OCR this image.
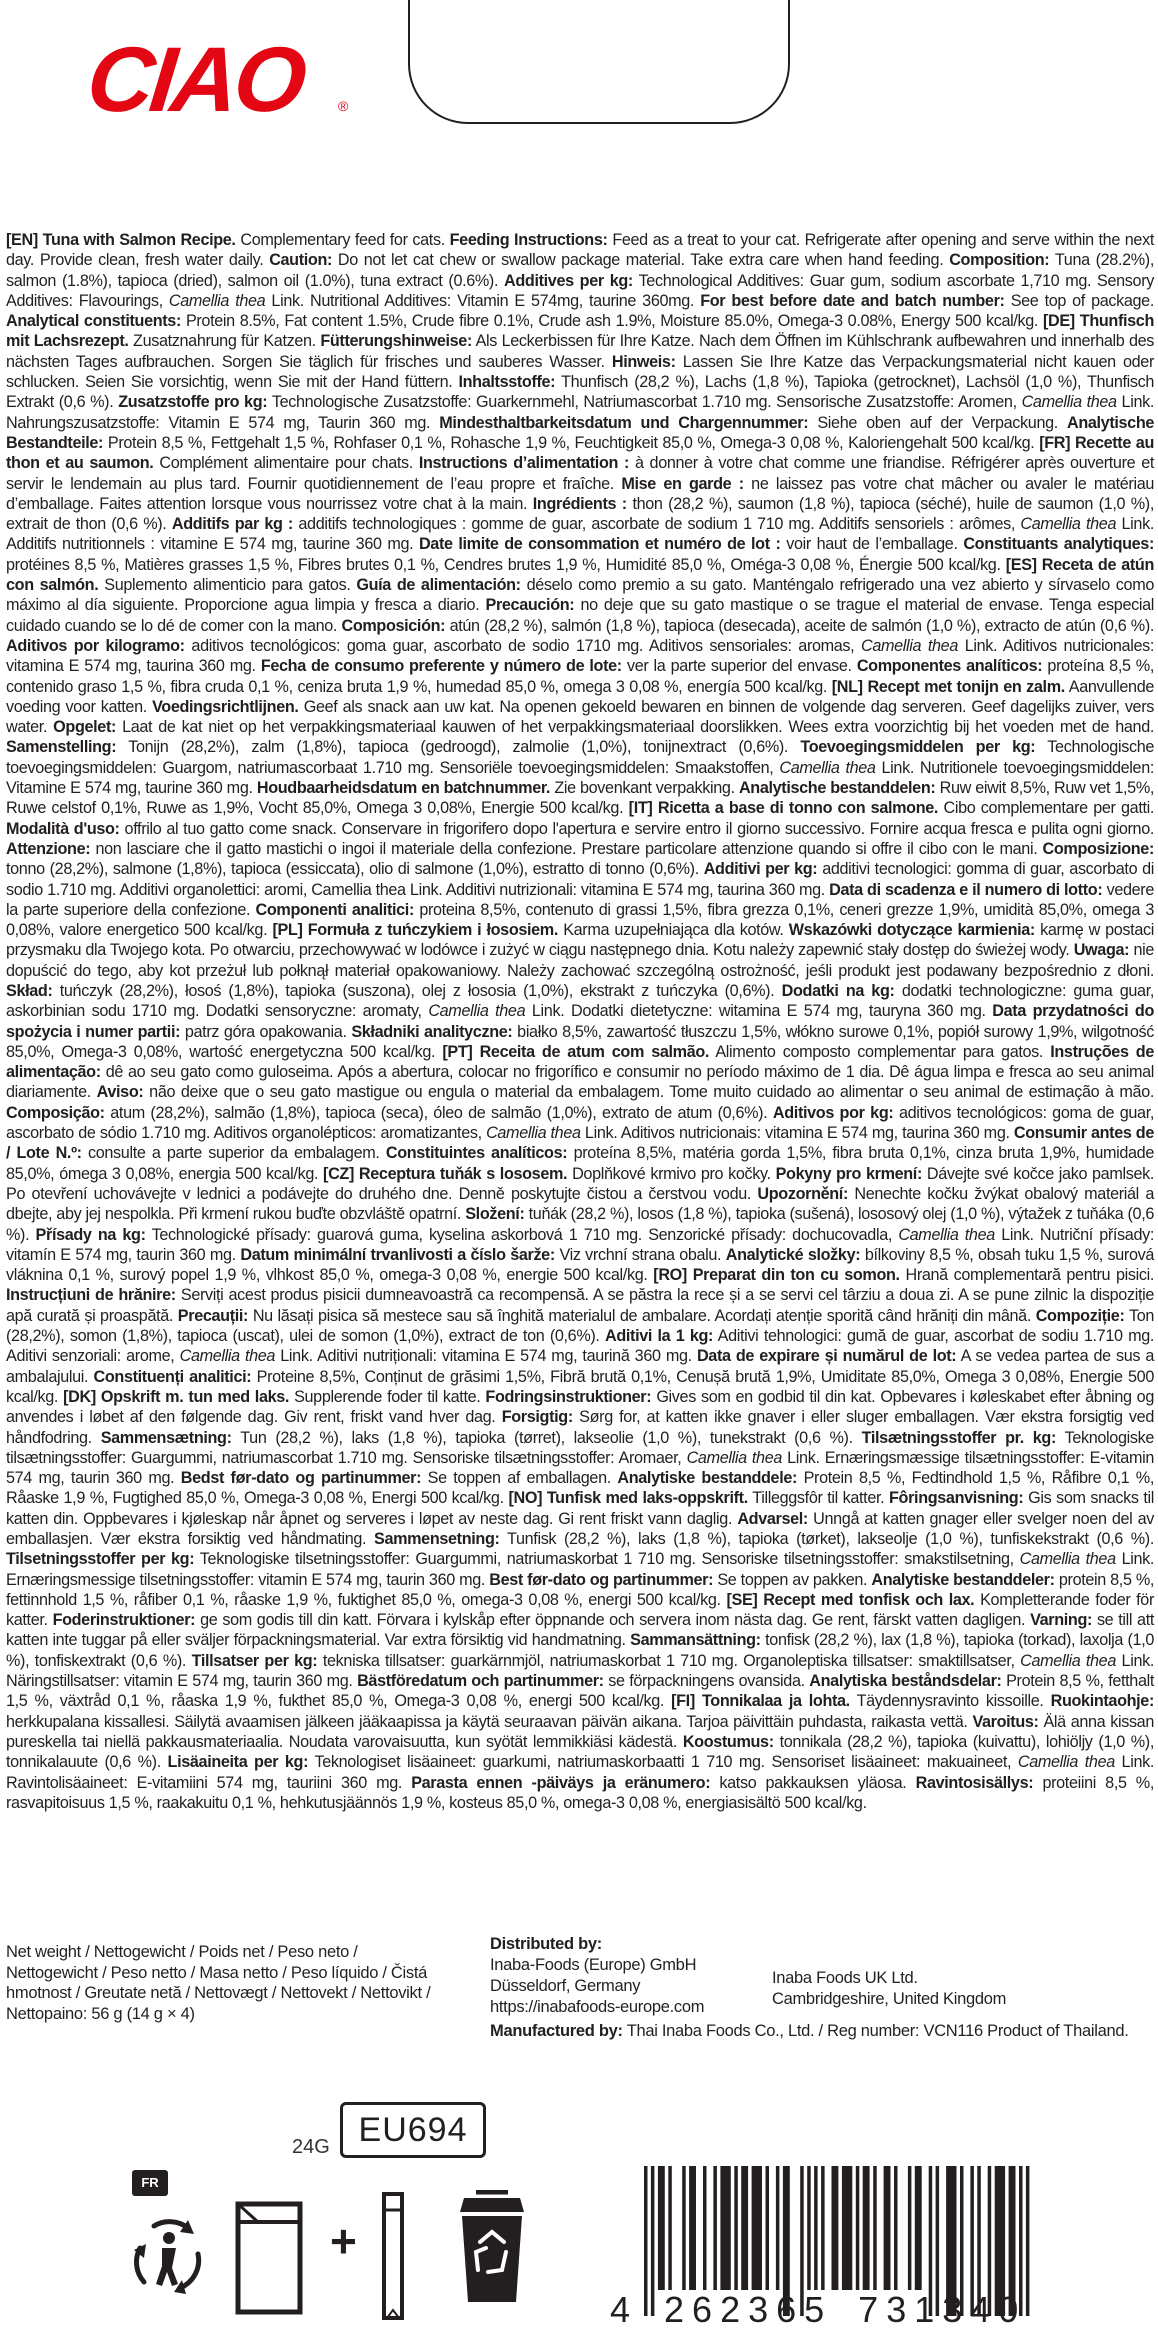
CIAO ®
[EN] Tuna with Salmon Recipe. Complementary feed for cats. Feeding Instructions: Feed as a treat to your cat. Refrigerate after opening and serve within the next day. Provide clean, fresh water daily. Caution: Do not let cat chew or swallow package material. Take extra care when hand feeding. Composition: Tuna (28.2%), salmon (1.8%), tapioca (dried), salmon oil (1.0%), tuna extract (0.6%). Additives per kg: Technological Additives: Guar gum, sodium ascorbate 1,710 mg. Sensory Additives: Flavourings, Camellia thea Link. Nutritional Additives: Vitamin E 574mg, taurine 360mg. For best before date and batch number: See top of package. Analytical constituents: Protein 8.5%, Fat content 1.5%, Crude fibre 0.1%, Crude ash 1.9%, Moisture 85.0%, Omega-3 0.08%, Energy 500 kcal/kg. [DE] Thunfisch mit Lachsrezept. Zusatznahrung für Katzen. Fütterungshinweise: Als Leckerbissen für Ihre Katze. Nach dem Öffnen im Kühlschrank aufbewahren und innerhalb des nächsten Tages aufbrauchen. Sorgen Sie täglich für frisches und sauberes Wasser. Hinweis: Lassen Sie Ihre Katze das Verpackungsmaterial nicht kauen oder schlucken. Seien Sie vorsichtig, wenn Sie mit der Hand füttern. Inhaltsstoffe: Thunfisch (28,2 %), Lachs (1,8 %), Tapioka (getrocknet), Lachsöl (1,0 %), Thunfisch Extrakt (0,6 %). Zusatzstoffe pro kg: Technologische Zusatzstoffe: Guarkernmehl, Natriumascorbat 1.710 mg. Sensorische Zusatzstoffe: Aromen, Camellia thea Link. Nahrungszusatzstoffe: Vitamin E 574 mg, Taurin 360 mg. Mindesthaltbarkeitsdatum und Chargennummer: Siehe oben auf der Verpackung. Analytische Bestandteile: Protein 8,5 %, Fettgehalt 1,5 %, Rohfaser 0,1 %, Rohasche 1,9 %, Feuchtigkeit 85,0 %, Omega-3 0,08 %, Kaloriengehalt 500 kcal/kg. [FR] Recette au thon et au saumon. Complément alimentaire pour chats. Instructions d’alimentation : à donner à votre chat comme une friandise. Réfrigérer après ouverture et servir le lendemain au plus tard. Fournir quotidiennement de l’eau propre et fraîche. Mise en garde : ne laissez pas votre chat mâcher ou avaler le matériau d’emballage. Faites attention lorsque vous nourrissez votre chat à la main. Ingrédients : thon (28,2 %), saumon (1,8 %), tapioca (séché), huile de saumon (1,0 %), extrait de thon (0,6 %). Additifs par kg : additifs technologiques : gomme de guar, ascorbate de sodium 1 710 mg. Additifs sensoriels : arômes, Camellia thea Link. Additifs nutritionnels : vitamine E 574 mg, taurine 360 mg. Date limite de consommation et numéro de lot : voir haut de l’emballage. Constituants analytiques: protéines 8,5 %, Matières grasses 1,5 %, Fibres brutes 0,1 %, Cendres brutes 1,9 %, Humidité 85,0 %, Oméga-3 0,08 %, Énergie 500 kcal/kg. [ES] Receta de atún con salmón. Suplemento alimenticio para gatos. Guía de alimentación: déselo como premio a su gato. Manténgalo refrigerado una vez abierto y sírvaselo como máximo al día siguiente. Proporcione agua limpia y fresca a diario. Precaución: no deje que su gato mastique o se trague el material de envase. Tenga especial cuidado cuando se lo dé de comer con la mano. Composición: atún (28,2 %), salmón (1,8 %), tapioca (desecada), aceite de salmón (1,0 %), extracto de atún (0,6 %). Aditivos por kilogramo: aditivos tecnológicos: goma guar, ascorbato de sodio 1710 mg. Aditivos sensoriales: aromas, Camellia thea Link. Aditivos nutricionales: vitamina E 574 mg, taurina 360 mg. Fecha de consumo preferente y número de lote: ver la parte superior del envase. Componentes analíticos: proteína 8,5 %, contenido graso 1,5 %, fibra cruda 0,1 %, ceniza bruta 1,9 %, humedad 85,0 %, omega 3 0,08 %, energía 500 kcal/kg. [NL] Recept met tonijn en zalm. Aanvullende voeding voor katten. Voedingsrichtlijnen. Geef als snack aan uw kat. Na openen gekoeld bewaren en binnen de volgende dag serveren. Geef dagelijks zuiver, vers water. Opgelet: Laat de kat niet op het verpakkingsmateriaal kauwen of het verpakkingsmateriaal doorslikken. Wees extra voorzichtig bij het voeden met de hand. Samenstelling: Tonijn (28,2%), zalm (1,8%), tapioca (gedroogd), zalmolie (1,0%), tonijnextract (0,6%). Toevoegingsmiddelen per kg: Technologische toevoegingsmiddelen: Guargom, natriumascorbaat 1.710 mg. Sensoriële toevoegingsmiddelen: Smaakstoffen, Camellia thea Link. Nutritionele toevoegingsmiddelen: Vitamine E 574 mg, taurine 360 mg. Houdbaarheidsdatum en batchnummer. Zie bovenkant verpakking. Analytische bestanddelen: Ruw eiwit 8,5%, Ruw vet 1,5%, Ruwe celstof 0,1%, Ruwe as 1,9%, Vocht 85,0%, Omega 3 0,08%, Energie 500 kcal/kg. [IT] Ricetta a base di tonno con salmone. Cibo complementare per gatti. Modalità d'uso: offrilo al tuo gatto come snack. Conservare in frigorifero dopo l'apertura e servire entro il giorno successivo. Fornire acqua fresca e pulita ogni giorno. Attenzione: non lasciare che il gatto mastichi o ingoi il materiale della confezione. Prestare particolare attenzione quando si offre il cibo con le mani. Composizione: tonno (28,2%), salmone (1,8%), tapioca (essiccata), olio di salmone (1,0%), estratto di tonno (0,6%). Additivi per kg: additivi tecnologici: gomma di guar, ascorbato di sodio 1.710 mg. Additivi organolettici: aromi, Camellia thea Link. Additivi nutrizionali: vitamina E 574 mg, taurina 360 mg. Data di scadenza e il numero di lotto: vedere la parte superiore della confezione. Componenti analitici: proteina 8,5%, contenuto di grassi 1,5%, fibra grezza 0,1%, ceneri grezze 1,9%, umidità 85,0%, omega 3 0,08%, valore energetico 500 kcal/kg. [PL] Formuła z tuńczykiem i łososiem. Karma uzupełniająca dla kotów. Wskazówki dotyczące karmienia: karmę w postaci przysmaku dla Twojego kota. Po otwarciu, przechowywać w lodówce i zużyć w ciągu następnego dnia. Kotu należy zapewnić stały dostęp do świeżej wody. Uwaga: nie dopuścić do tego, aby kot przeżuł lub połknął materiał opakowaniowy. Należy zachować szczególną ostrożność, jeśli produkt jest podawany bezpośrednio z dłoni. Skład: tuńczyk (28,2%), łosoś (1,8%), tapioka (suszona), olej z łososia (1,0%), ekstrakt z tuńczyka (0,6%). Dodatki na kg: dodatki technologiczne: guma guar, askorbinian sodu 1710 mg. Dodatki sensoryczne: aromaty, Camellia thea Link. Dodatki dietetyczne: witamina E 574 mg, tauryna 360 mg. Data przydatności do spożycia i numer partii: patrz góra opakowania. Składniki analityczne: białko 8,5%, zawartość tłuszczu 1,5%, włókno surowe 0,1%, popiół surowy 1,9%, wilgotność 85,0%, Omega-3 0,08%, wartość energetyczna 500 kcal/kg. [PT] Receita de atum com salmão. Alimento composto complementar para gatos. Instruções de alimentação: dê ao seu gato como guloseima. Após a abertura, colocar no frigorífico e consumir no período máximo de 1 dia. Dê água limpa e fresca ao seu animal diariamente. Aviso: não deixe que o seu gato mastigue ou engula o material da embalagem. Tome muito cuidado ao alimentar o seu animal de estimação à mão. Composição: atum (28,2%), salmão (1,8%), tapioca (seca), óleo de salmão (1,0%), extrato de atum (0,6%). Aditivos por kg: aditivos tecnológicos: goma de guar, ascorbato de sódio 1.710 mg. Aditivos organolépticos: aromatizantes, Camellia thea Link. Aditivos nutricionais: vitamina E 574 mg, taurina 360 mg. Consumir antes de / Lote N.º: consulte a parte superior da embalagem. Constituintes analíticos: proteína 8,5%, matéria gorda 1,5%, fibra bruta 0,1%, cinza bruta 1,9%, humidade 85,0%, ómega 3 0,08%, energia 500 kcal/kg. [CZ] Receptura tuňák s lososem. Doplňkové krmivo pro kočky. Pokyny pro krmení: Dávejte své kočce jako pamlsek. Po otevření uchovávejte v lednici a podávejte do druhého dne. Denně poskytujte čistou a čerstvou vodu. Upozornění: Nenechte kočku žvýkat obalový materiál a dbejte, aby jej nespolkla. Při krmení rukou buďte obzvláště opatrní. Složení: tuňák (28,2 %), losos (1,8 %), tapioka (sušená), lososový olej (1,0 %), výtažek z tuňáka (0,6 %). Přísady na kg: Technologické přísady: guarová guma, kyselina askorbová 1 710 mg. Senzorické přísady: dochucovadla, Camellia thea Link. Nutriční přísady: vitamín E 574 mg, taurin 360 mg. Datum minimální trvanlivosti a číslo šarže: Viz vrchní strana obalu. Analytické složky: bílkoviny 8,5 %, obsah tuku 1,5 %, surová vláknina 0,1 %, surový popel 1,9 %, vlhkost 85,0 %, omega-3 0,08 %, energie 500 kcal/kg. [RO] Preparat din ton cu somon. Hrană complementară pentru pisici. Instrucțiuni de hrănire: Serviți acest produs pisicii dumneavoastră ca recompensă. A se păstra la rece și a se servi cel târziu a doua zi. A se pune zilnic la dispoziție apă curată și proaspătă. Precauții: Nu lăsați pisica să mestece sau să înghită materialul de ambalare. Acordați atenție sporită când hrăniți din mână. Compoziție: Ton (28,2%), somon (1,8%), tapioca (uscat), ulei de somon (1,0%), extract de ton (0,6%). Aditivi la 1 kg: Aditivi tehnologici: gumă de guar, ascorbat de sodiu 1.710 mg. Aditivi senzoriali: arome, Camellia thea Link. Aditivi nutriționali: vitamina E 574 mg, taurină 360 mg. Data de expirare și numărul de lot: A se vedea partea de sus a ambalajului. Constituenți analitici: Proteine 8,5%, Conținut de grăsimi 1,5%, Fibră brută 0,1%, Cenușă brută 1,9%, Umiditate 85,0%, Omega 3 0,08%, Energie 500 kcal/kg. [DK] Opskrift m. tun med laks. Supplerende foder til katte. Fodringsinstruktioner: Gives som en godbid til din kat. Opbevares i køleskabet efter åbning og anvendes i løbet af den følgende dag. Giv rent, friskt vand hver dag. Forsigtig: Sørg for, at katten ikke gnaver i eller sluger emballagen. Vær ekstra forsigtig ved håndfodring. Sammensætning: Tun (28,2 %), laks (1,8 %), tapioka (tørret), lakseolie (1,0 %), tunekstrakt (0,6 %). Tilsætningsstoffer pr. kg: Teknologiske tilsætningsstoffer: Guargummi, natriumascorbat 1.710 mg. Sensoriske tilsætningsstoffer: Aromaer, Camellia thea Link. Ernæringsmæssige tilsætningsstoffer: E-vitamin 574 mg, taurin 360 mg. Bedst før-dato og partinummer: Se toppen af emballagen. Analytiske bestanddele: Protein 8,5 %, Fedtindhold 1,5 %, Råfibre 0,1 %, Råaske 1,9 %, Fugtighed 85,0 %, Omega-3 0,08 %, Energi 500 kcal/kg. [NO] Tunfisk med laks-oppskrift. Tilleggsfôr til katter. Fôringsanvisning: Gis som snacks til katten din. Oppbevares i kjøleskap når åpnet og serveres i løpet av neste dag. Gi rent friskt vann daglig. Advarsel: Unngå at katten gnager eller svelger noen del av emballasjen. Vær ekstra forsiktig ved håndmating. Sammensetning: Tunfisk (28,2 %), laks (1,8 %), tapioka (tørket), lakseolje (1,0 %), tunfiskekstrakt (0,6 %). Tilsetningsstoffer per kg: Teknologiske tilsetningsstoffer: Guargummi, natriumaskorbat 1 710 mg. Sensoriske tilsetningsstoffer: smakstilsetning, Camellia thea Link. Ernæringsmessige tilsetningsstoffer: vitamin E 574 mg, taurin 360 mg. Best før-dato og partinummer: Se toppen av pakken. Analytiske bestanddeler: protein 8,5 %, fettinnhold 1,5 %, råfiber 0,1 %, råaske 1,9 %, fuktighet 85,0 %, omega-3 0,08 %, energi 500 kcal/kg. [SE] Recept med tonfisk och lax. Kompletterande foder för katter. Foderinstruktioner: ge som godis till din katt. Förvara i kylskåp efter öppnande och servera inom nästa dag. Ge rent, färskt vatten dagligen. Varning: se till att katten inte tuggar på eller sväljer förpackningsmaterial. Var extra försiktig vid handmatning. Sammansättning: tonfisk (28,2 %), lax (1,8 %), tapioka (torkad), laxolja (1,0 %), tonfiskextrakt (0,6 %). Tillsatser per kg: tekniska tillsatser: guarkärnmjöl, natriumaskorbat 1 710 mg. Organoleptiska tillsatser: smaktillsatser, Camellia thea Link. Näringstillsatser: vitamin E 574 mg, taurin 360 mg. Bästföredatum och partinummer: se förpackningens ovansida. Analytiska beståndsdelar: Protein 8,5 %, fetthalt 1,5 %, växtråd 0,1 %, råaska 1,9 %, fukthet 85,0 %, Omega-3 0,08 %, energi 500 kcal/kg. [FI] Tonnikalaa ja lohta. Täydennysravinto kissoille. Ruokintaohje: herkkupalana kissallesi. Säilytä avaamisen jälkeen jääkaapissa ja käytä seuraavan päivän aikana. Tarjoa päivittäin puhdasta, raikasta vettä. Varoitus: Älä anna kissan pureskella tai niellä pakkausmateriaalia. Noudata varovaisuutta, kun syötät lemmikkiäsi kädestä. Koostumus: tonnikala (28,2 %), tapioka (kuivattu), lohiöljy (1,0 %), tonnikalauute (0,6 %). Lisäaineita per kg: Teknologiset lisäaineet: guarkumi, natriumaskorbaatti 1 710 mg. Sensoriset lisäaineet: makuaineet, Camellia thea Link. Ravintolisäaineet: E-vitamiini 574 mg, tauriini 360 mg. Parasta ennen -päiväys ja eränumero: katso pakkauksen yläosa. Ravintosisällys: proteiini 8,5 %, rasvapitoisuus 1,5 %, raakakuitu 0,1 %, hehkutusjäännös 1,9 %, kosteus 85,0 %, omega-3 0,08 %, energiasisältö 500 kcal/kg.
Net weight / Nettogewicht / Poids net / Peso neto /
Nettogewicht / Peso netto / Masa netto / Peso líquido / Čistá
hmotnost / Greutate netă / Nettovægt / Nettovekt / Nettovikt /
Nettopaino: 56 g (14 g × 4)
Distributed by:
Inaba-Foods (Europe) GmbH
Düsseldorf, Germany
https://inabafoods-europe.com
Inaba Foods UK Ltd.
Cambridgeshire, United Kingdom
Manufactured by: Thai Inaba Foods Co., Ltd. / Reg number: VCN116 Product of Thailand.
24G EU694
FR
+
4 262365 731340
